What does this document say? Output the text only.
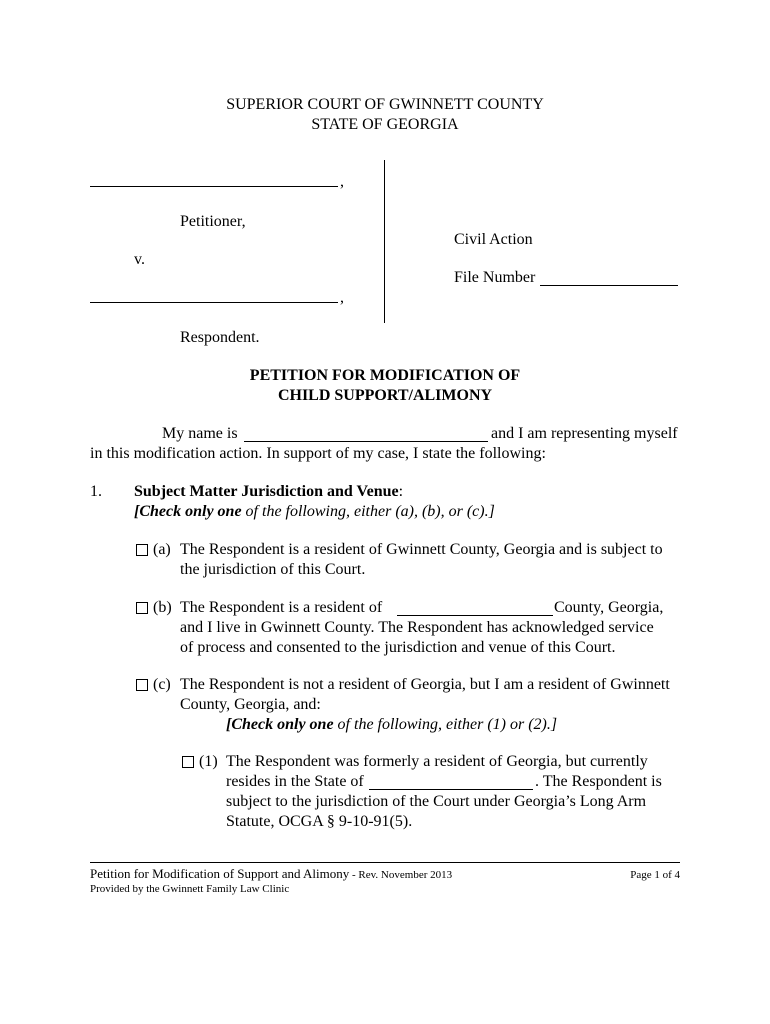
SUPERIOR COURT OF GWINNETT COUNTY
STATE OF GEORGIA
,
Petitioner,
v.
,
Respondent.
Civil Action
File Number
PETITION FOR MODIFICATION OF
CHILD SUPPORT/ALIMONY
My name is	and I am representing myself
in this modification action. In support of my case, I state the following:
1. Subject Matter Jurisdiction and Venue:
[Check only one of the following, either (a), (b), or (c).]
(a) The Respondent is a resident of Gwinnett County, Georgia and is subject to
the jurisdiction of this Court.
(b) The Respondent is a resident of	County, Georgia,
and I live in Gwinnett County. The Respondent has acknowledged service
of process and consented to the jurisdiction and venue of this Court.
(c) The Respondent is not a resident of Georgia, but I am a resident of Gwinnett
County, Georgia, and:
[Check only one of the following, either (1) or (2).]
(1) The Respondent was formerly a resident of Georgia, but currently
resides in the State of	. The Respondent is
subject to the jurisdiction of the Court under Georgia’s Long Arm
Statute, OCGA § 9-10-91(5).
Petition for Modification of Support and Alimony - Rev. November 2013	Page 1 of 4
Provided by the Gwinnett Family Law Clinic
